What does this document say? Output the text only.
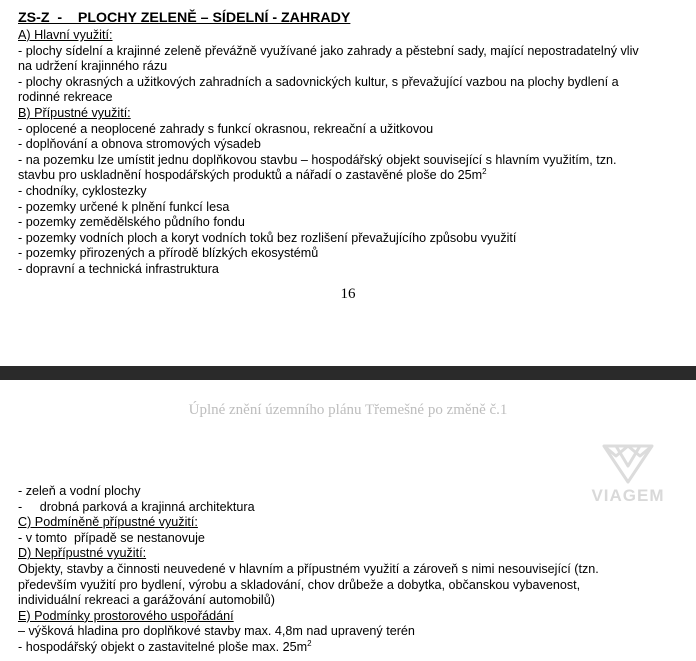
ZS-Z  -    PLOCHY ZELENĚ – SÍDELNÍ - ZAHRADY
A) Hlavní využití:
- plochy sídelní a krajinné zeleně převážně využívané jako zahrady a pěstební sady, mající nepostradatelný vliv
na udržení krajinného rázu
- plochy okrasných a užitkových zahradních a sadovnických kultur, s převažující vazbou na plochy bydlení a
rodinné rekreace
B) Přípustné využití:
- oplocené a neoplocené zahrady s funkcí okrasnou, rekreační a užitkovou
- doplňování a obnova stromových výsadeb
- na pozemku lze umístit jednu doplňkovou stavbu – hospodářský objekt související s hlavním využitím, tzn.
stavbu pro uskladnění hospodářských produktů a nářadí o zastavěné ploše do $25m^2$
- chodníky, cyklostezky
- pozemky určené k plnění funkcí lesa
- pozemky zemědělského půdního fondu
- pozemky vodních ploch a koryt vodních toků bez rozlišení převažujícího způsobu využití
- pozemky přirozených a přírodě blízkých ekosystémů
- dopravní a technická infrastruktura
16
Úplné znění územního plánu Třemešné po změně č.1
VIAGEM
- zeleň a vodní plochy
-     drobná parková a krajinná architektura
C) Podmíněně přípustné využití:
- v tomto  případě se nestanovuje
D) Nepřípustné využití:
Objekty, stavby a činnosti neuvedené v hlavním a přípustném využití a zároveň s nimi nesouvisející (tzn.
především využití pro bydlení, výrobu a skladování, chov drůbeže a dobytka, občanskou vybavenost,
individuální rekreaci a garážování automobilů)
E) Podmínky prostorového uspořádání
– výšková hladina pro doplňkové stavby max. 4,8m nad upravený terén
- hospodářský objekt o zastavitelné ploše max. $25m^2$
